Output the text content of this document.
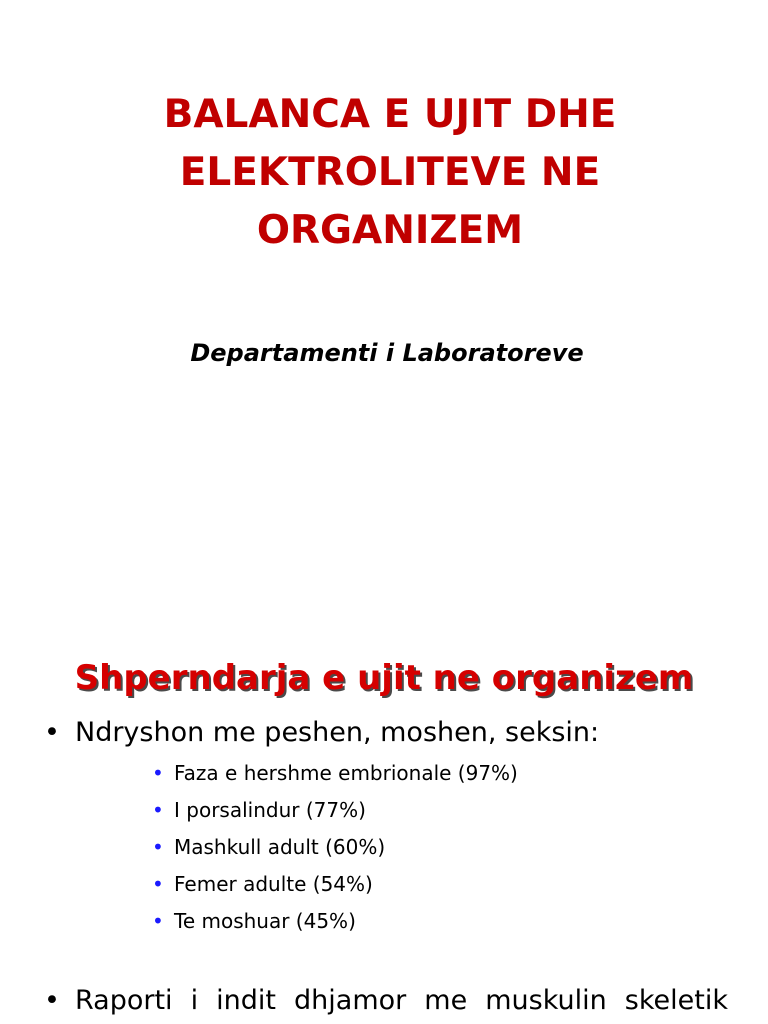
BALANCA E UJIT DHE
ELEKTROLITEVE NE
ORGANIZEM
Departamenti i Laboratoreve
Shperndarja e ujit ne organizem
• Ndryshon me peshen, moshen, seksin:
• Faza e hershme embrionale (97%)
• I porsalindur (77%)
• Mashkull adult (60%)
• Femer adulte (54%)
• Te moshuar (45%)
• Raporti i indit dhjamor me muskulin skeletik
